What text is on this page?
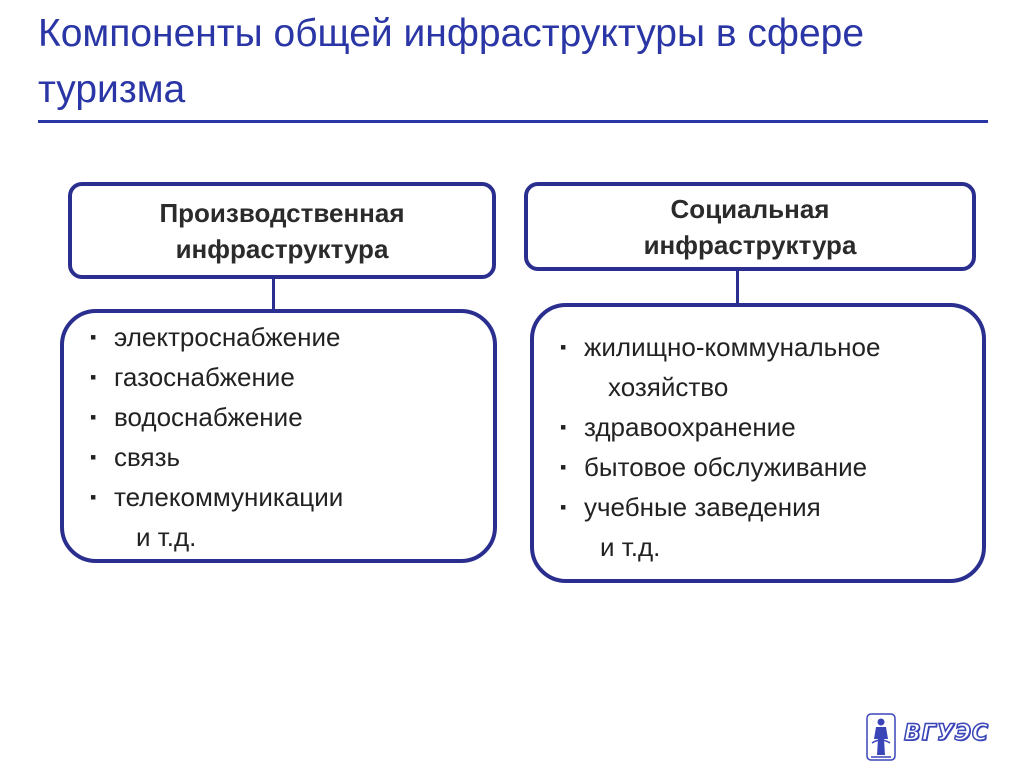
Компоненты общей инфраструктуры в сфере туризма
Производственная
инфраструктура
Социальная
инфраструктура
▪ электроснабжение
▪ газоснабжение
▪ водоснабжение
▪ связь
▪ телекоммуникации
и т.д.
▪ жилищно-коммунальное
хозяйство
▪ здравоохранение
▪ бытовое обслуживание
▪ учебные заведения
и т.д.
ВГУЭС
